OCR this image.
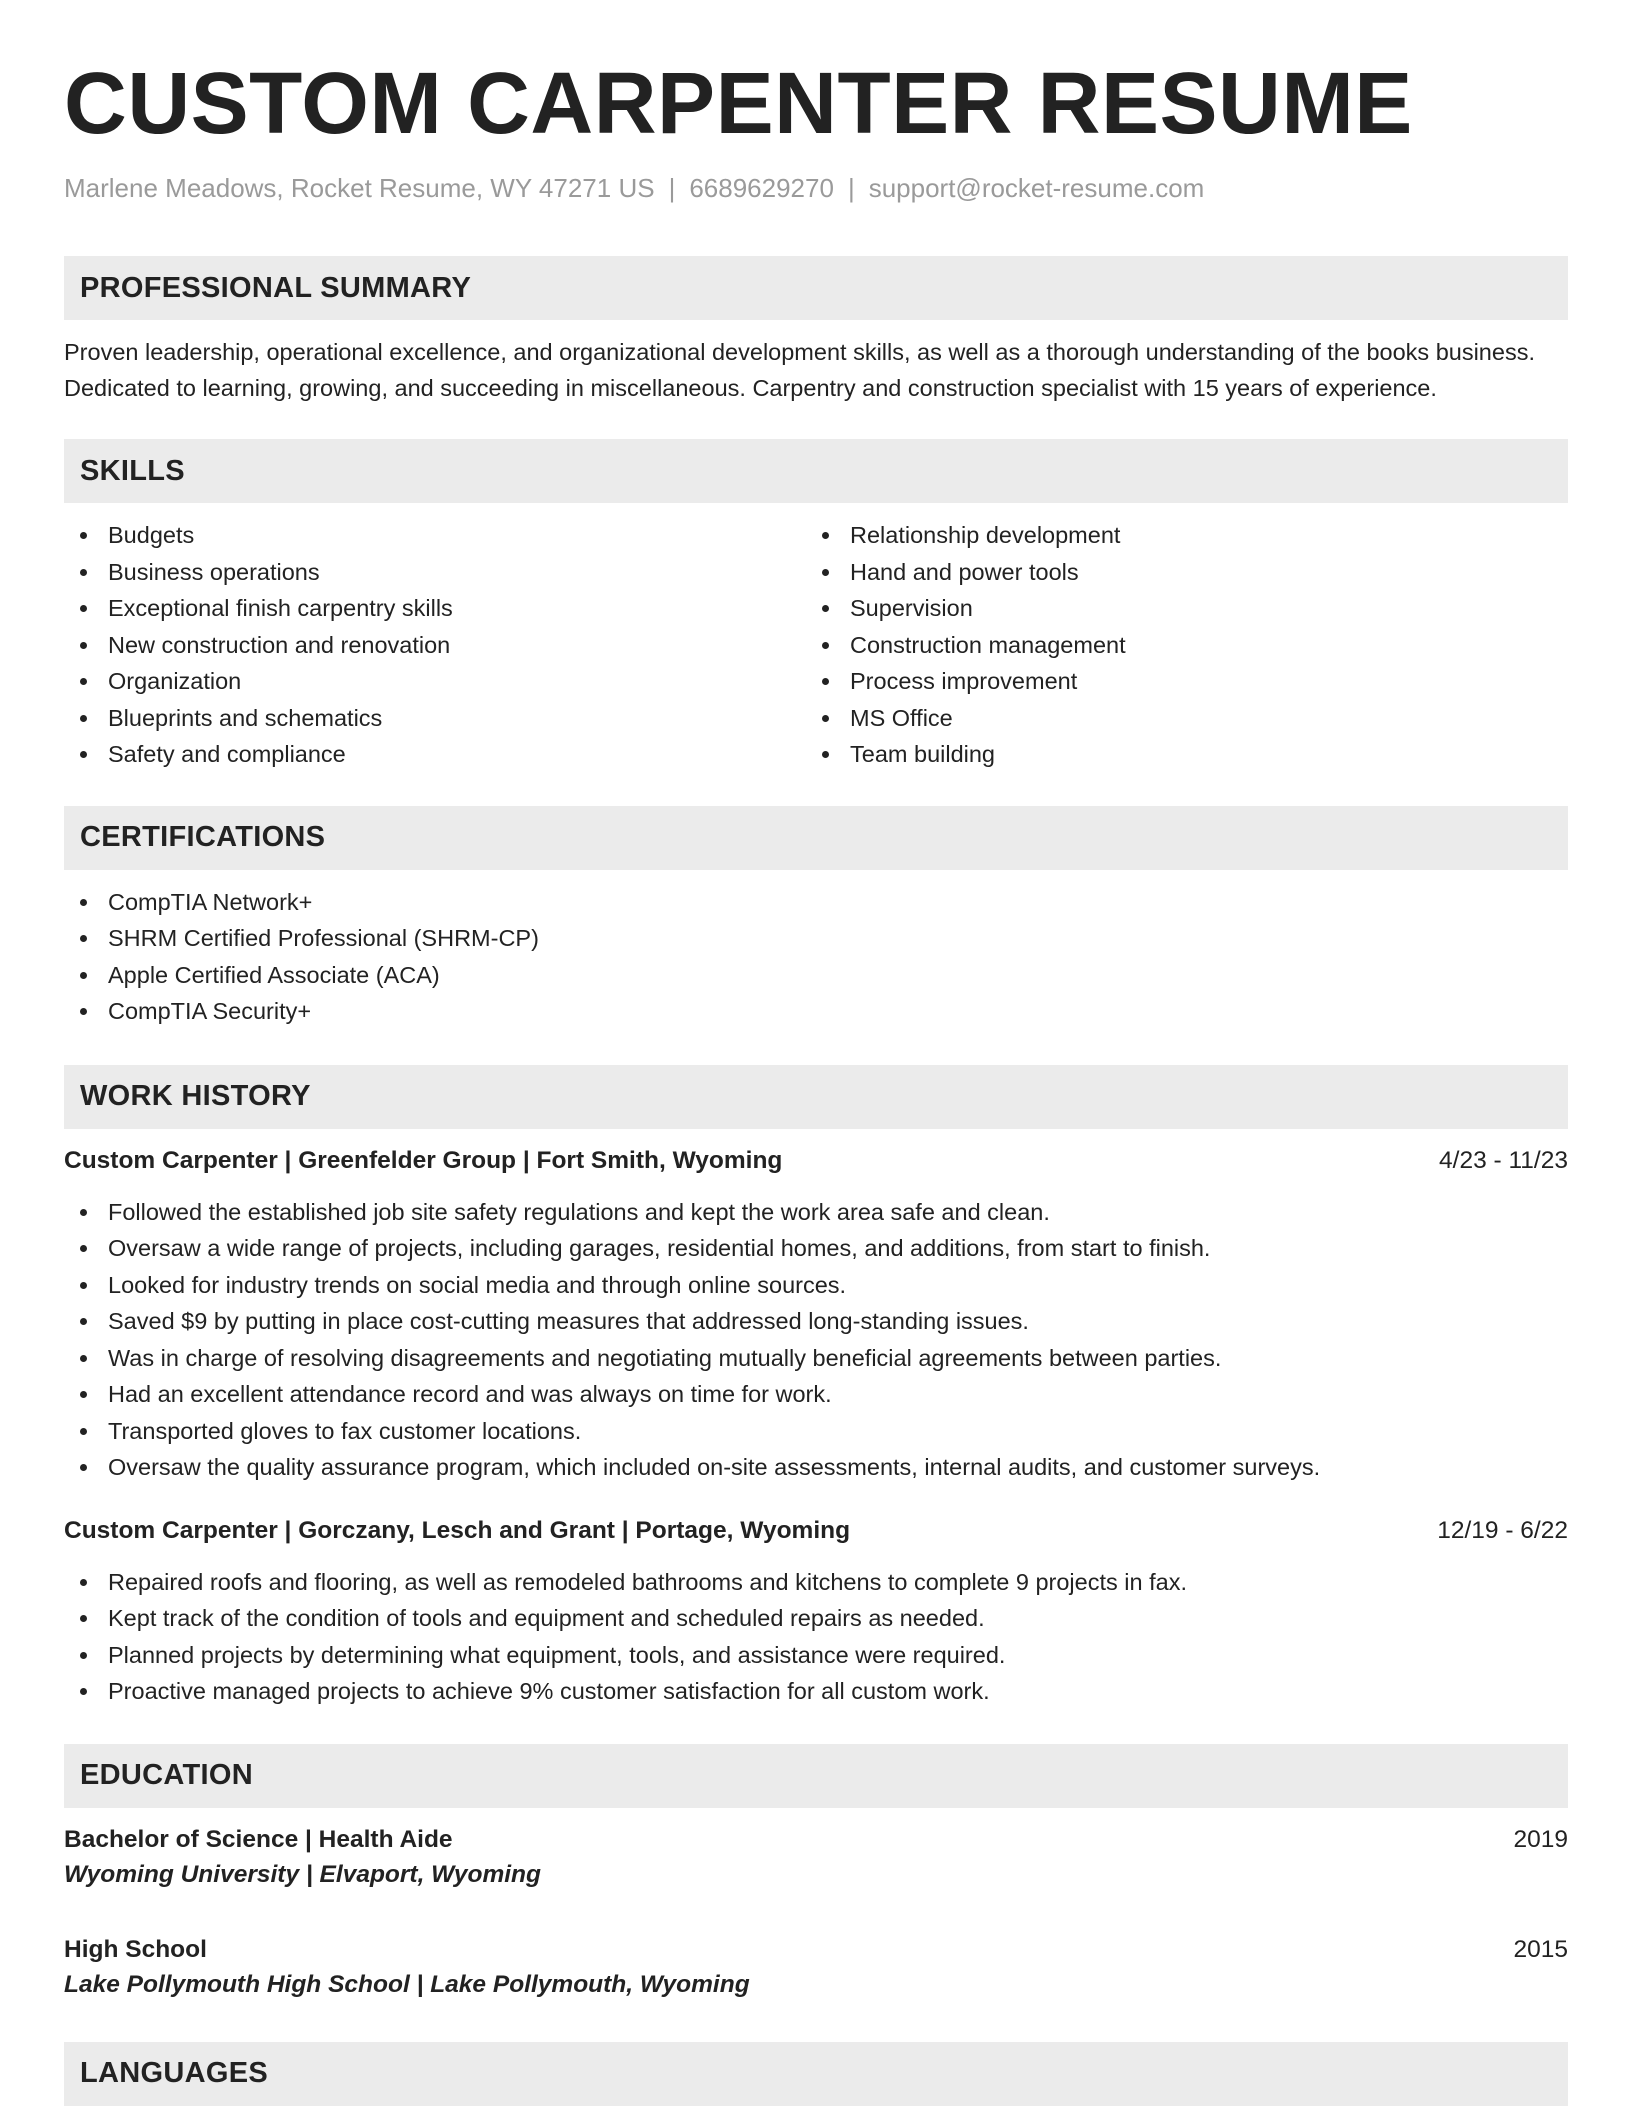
CUSTOM CARPENTER RESUME
Marlene Meadows, Rocket Resume, WY 47271 US | 6689629270 | support@rocket-resume.com
PROFESSIONAL SUMMARY
Proven leadership, operational excellence, and organizational development skills, as well as a thorough understanding of the books business. Dedicated to learning, growing, and succeeding in miscellaneous. Carpentry and construction specialist with 15 years of experience.
SKILLS
Budgets
Business operations
Exceptional finish carpentry skills
New construction and renovation
Organization
Blueprints and schematics
Safety and compliance
Relationship development
Hand and power tools
Supervision
Construction management
Process improvement
MS Office
Team building
CERTIFICATIONS
CompTIA Network+
SHRM Certified Professional (SHRM-CP)
Apple Certified Associate (ACA)
CompTIA Security+
WORK HISTORY
Custom Carpenter | Greenfelder Group | Fort Smith, Wyoming	4/23 - 11/23
Followed the established job site safety regulations and kept the work area safe and clean.
Oversaw a wide range of projects, including garages, residential homes, and additions, from start to finish.
Looked for industry trends on social media and through online sources.
Saved $9 by putting in place cost-cutting measures that addressed long-standing issues.
Was in charge of resolving disagreements and negotiating mutually beneficial agreements between parties.
Had an excellent attendance record and was always on time for work.
Transported gloves to fax customer locations.
Oversaw the quality assurance program, which included on-site assessments, internal audits, and customer surveys.
Custom Carpenter | Gorczany, Lesch and Grant | Portage, Wyoming	12/19 - 6/22
Repaired roofs and flooring, as well as remodeled bathrooms and kitchens to complete 9 projects in fax.
Kept track of the condition of tools and equipment and scheduled repairs as needed.
Planned projects by determining what equipment, tools, and assistance were required.
Proactive managed projects to achieve 9% customer satisfaction for all custom work.
EDUCATION
Bachelor of Science | Health Aide	2019
Wyoming University | Elvaport, Wyoming
High School	2015
Lake Pollymouth High School | Lake Pollymouth, Wyoming
LANGUAGES
